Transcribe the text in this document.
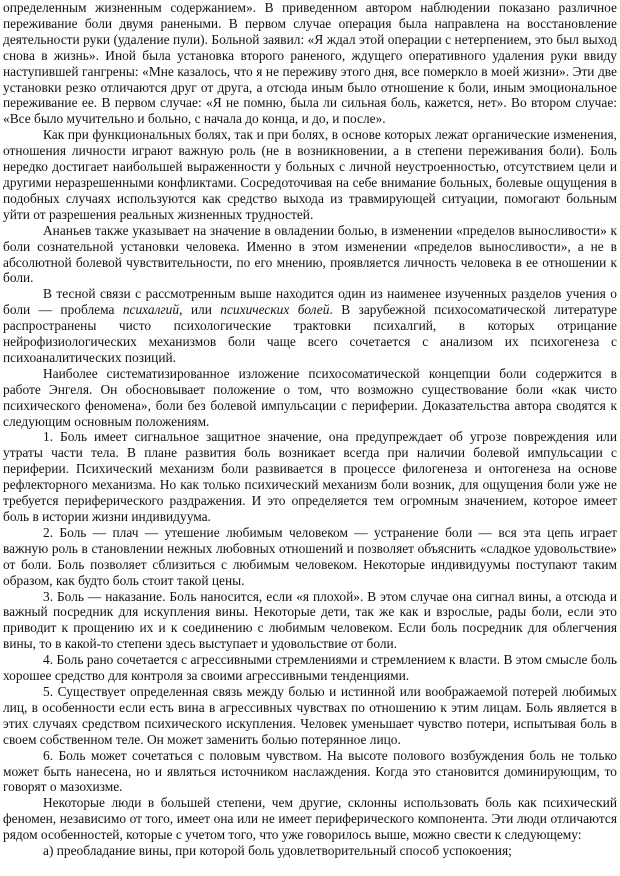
определенным жизненным содержанием». В приведенном автором наблюдении показано различное переживание боли двумя ранеными. В первом случае операция была направлена на восстановление деятельности руки (удаление пули). Больной заявил: «Я ждал этой операции с нетерпением, это был выход снова в жизнь». Иной была установка второго раненого, ждущего оперативного удаления руки ввиду наступившей гангрены: «Мне казалось, что я не переживу этого дня, все померкло в моей жизни». Эти две установки резко отличаются друг от друга, а отсюда иным было отношение к боли, иным эмоциональное переживание ее. В первом случае: «Я не помню, была ли сильная боль, кажется, нет». Во втором случае: «Все было мучительно и больно, с начала до конца, и до, и после».

Как при функциональных болях, так и при болях, в основе которых лежат органические изменения, отношения личности играют важную роль (не в возникновении, а в степени переживания боли). Боль нередко достигает наибольшей выраженности у больных с личной неустроенностью, отсутствием цели и другими неразрешенными конфликтами. Сосредоточивая на себе внимание больных, болевые ощущения в подобных случаях используются как средство выхода из травмирующей ситуации, помогают больным уйти от разрешения реальных жизненных трудностей.

Ананьев также указывает на значение в овладении болью, в изменении «пределов выносливости» к боли сознательной установки человека. Именно в этом изменении «пределов выносливости», а не в абсолютной болевой чувствительности, по его мнению, проявляется личность человека в ее отношении к боли.

В тесной связи с рассмотренным выше находится один из наименее изученных разделов учения о боли — проблема психалгий, или психических болей. В зарубежной психосоматической литературе распространены чисто психологические трактовки психалгий, в которых отрицание нейрофизиологических механизмов боли чаще всего сочетается с анализом их психогенеза с психоаналитических позиций.

Наиболее систематизированное изложение психосоматической концепции боли содержится в работе Энгеля. Он обосновывает положение о том, что возможно существование боли «как чисто психического феномена», боли без болевой импульсации с периферии. Доказательства автора сводятся к следующим основным положениям.

1. Боль имеет сигнальное защитное значение, она предупреждает об угрозе повреждения или утраты части тела. В плане развития боль возникает всегда при наличии болевой импульсации с периферии. Психический механизм боли развивается в процессе филогенеза и онтогенеза на основе рефлекторного механизма. Но как только психический механизм боли возник, для ощущения боли уже не требуется периферического раздражения. И это определяется тем огромным значением, которое имеет боль в истории жизни индивидуума.

2. Боль — плач — утешение любимым человеком — устранение боли — вся эта цепь играет важную роль в становлении нежных любовных отношений и позволяет объяснить «сладкое удовольствие» от боли. Боль позволяет сблизиться с любимым человеком. Некоторые индивидуумы поступают таким образом, как будто боль стоит такой цены.

3. Боль — наказание. Боль наносится, если «я плохой». В этом случае она сигнал вины, а отсюда и важный посредник для искупления вины. Некоторые дети, так же как и взрослые, рады боли, если это приводит к прощению их и к соединению с любимым человеком. Если боль посредник для облегчения вины, то в какой-то степени здесь выступает и удовольствие от боли.

4. Боль рано сочетается с агрессивными стремлениями и стремлением к власти. В этом смысле боль хорошее средство для контроля за своими агрессивными тенденциями.

5. Существует определенная связь между болью и истинной или воображаемой потерей любимых лиц, в особенности если есть вина в агрессивных чувствах по отношению к этим лицам. Боль является в этих случаях средством психического искупления. Человек уменьшает чувство потери, испытывая боль в своем собственном теле. Он может заменить болью потерянное лицо.

6. Боль может сочетаться с половым чувством. На высоте полового возбуждения боль не только может быть нанесена, но и являться источником наслаждения. Когда это становится доминирующим, то говорят о мазохизме.

Некоторые люди в большей степени, чем другие, склонны использовать боль как психический феномен, независимо от того, имеет она или не имеет периферического компонента. Эти люди отличаются рядом особенностей, которые с учетом того, что уже говорилось выше, можно свести к следующему:

а) преобладание вины, при которой боль удовлетворительный способ успокоения;
